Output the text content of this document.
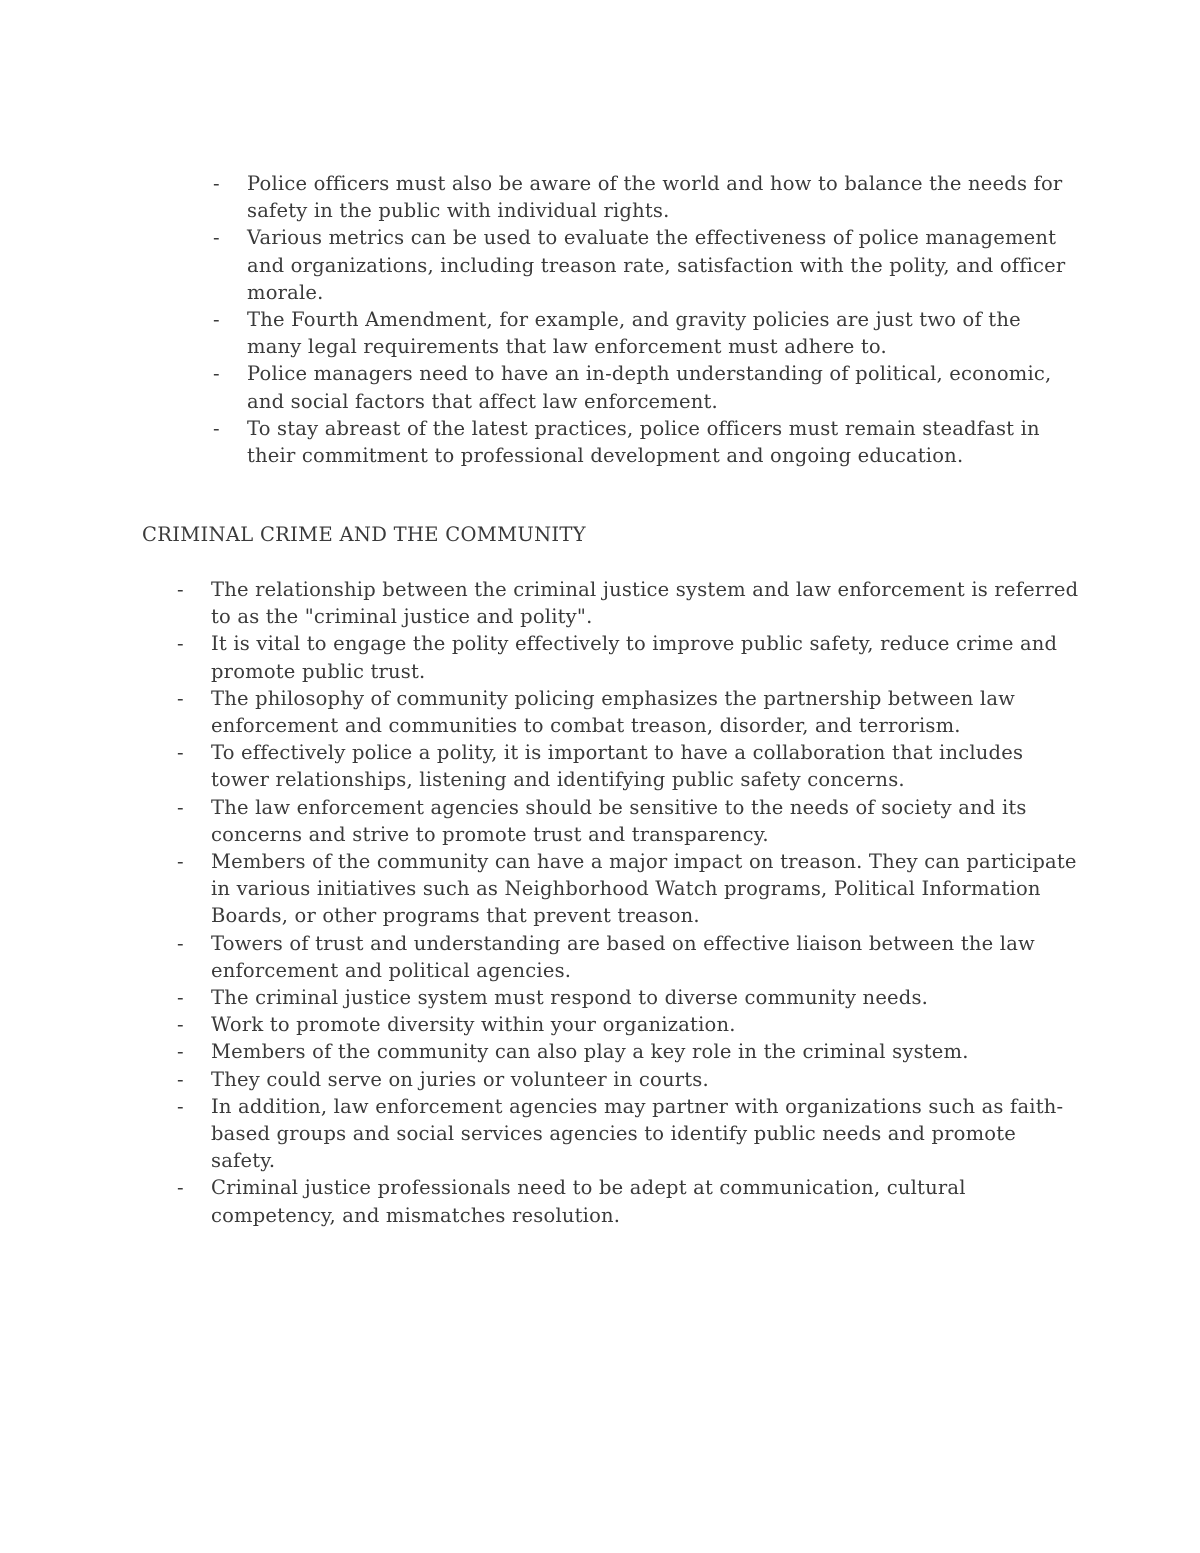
- Police officers must also be aware of the world and how to balance the needs for safety in the public with individual rights.
- Various metrics can be used to evaluate the effectiveness of police management and organizations, including treason rate, satisfaction with the polity, and officer morale.
- The Fourth Amendment, for example, and gravity policies are just two of the many legal requirements that law enforcement must adhere to.
- Police managers need to have an in-depth understanding of political, economic, and social factors that affect law enforcement.
- To stay abreast of the latest practices, police officers must remain steadfast in their commitment to professional development and ongoing education.
CRIMINAL CRIME AND THE COMMUNITY
- The relationship between the criminal justice system and law enforcement is referred to as the "criminal justice and polity".
- It is vital to engage the polity effectively to improve public safety, reduce crime and promote public trust.
- The philosophy of community policing emphasizes the partnership between law enforcement and communities to combat treason, disorder, and terrorism.
- To effectively police a polity, it is important to have a collaboration that includes tower relationships, listening and identifying public safety concerns.
- The law enforcement agencies should be sensitive to the needs of society and its concerns and strive to promote trust and transparency.
- Members of the community can have a major impact on treason. They can participate in various initiatives such as Neighborhood Watch programs, Political Information Boards, or other programs that prevent treason.
- Towers of trust and understanding are based on effective liaison between the law enforcement and political agencies.
- The criminal justice system must respond to diverse community needs.
- Work to promote diversity within your organization.
- Members of the community can also play a key role in the criminal system.
- They could serve on juries or volunteer in courts.
- In addition, law enforcement agencies may partner with organizations such as faith-based groups and social services agencies to identify public needs and promote safety.
- Criminal justice professionals need to be adept at communication, cultural competency, and mismatches resolution.
